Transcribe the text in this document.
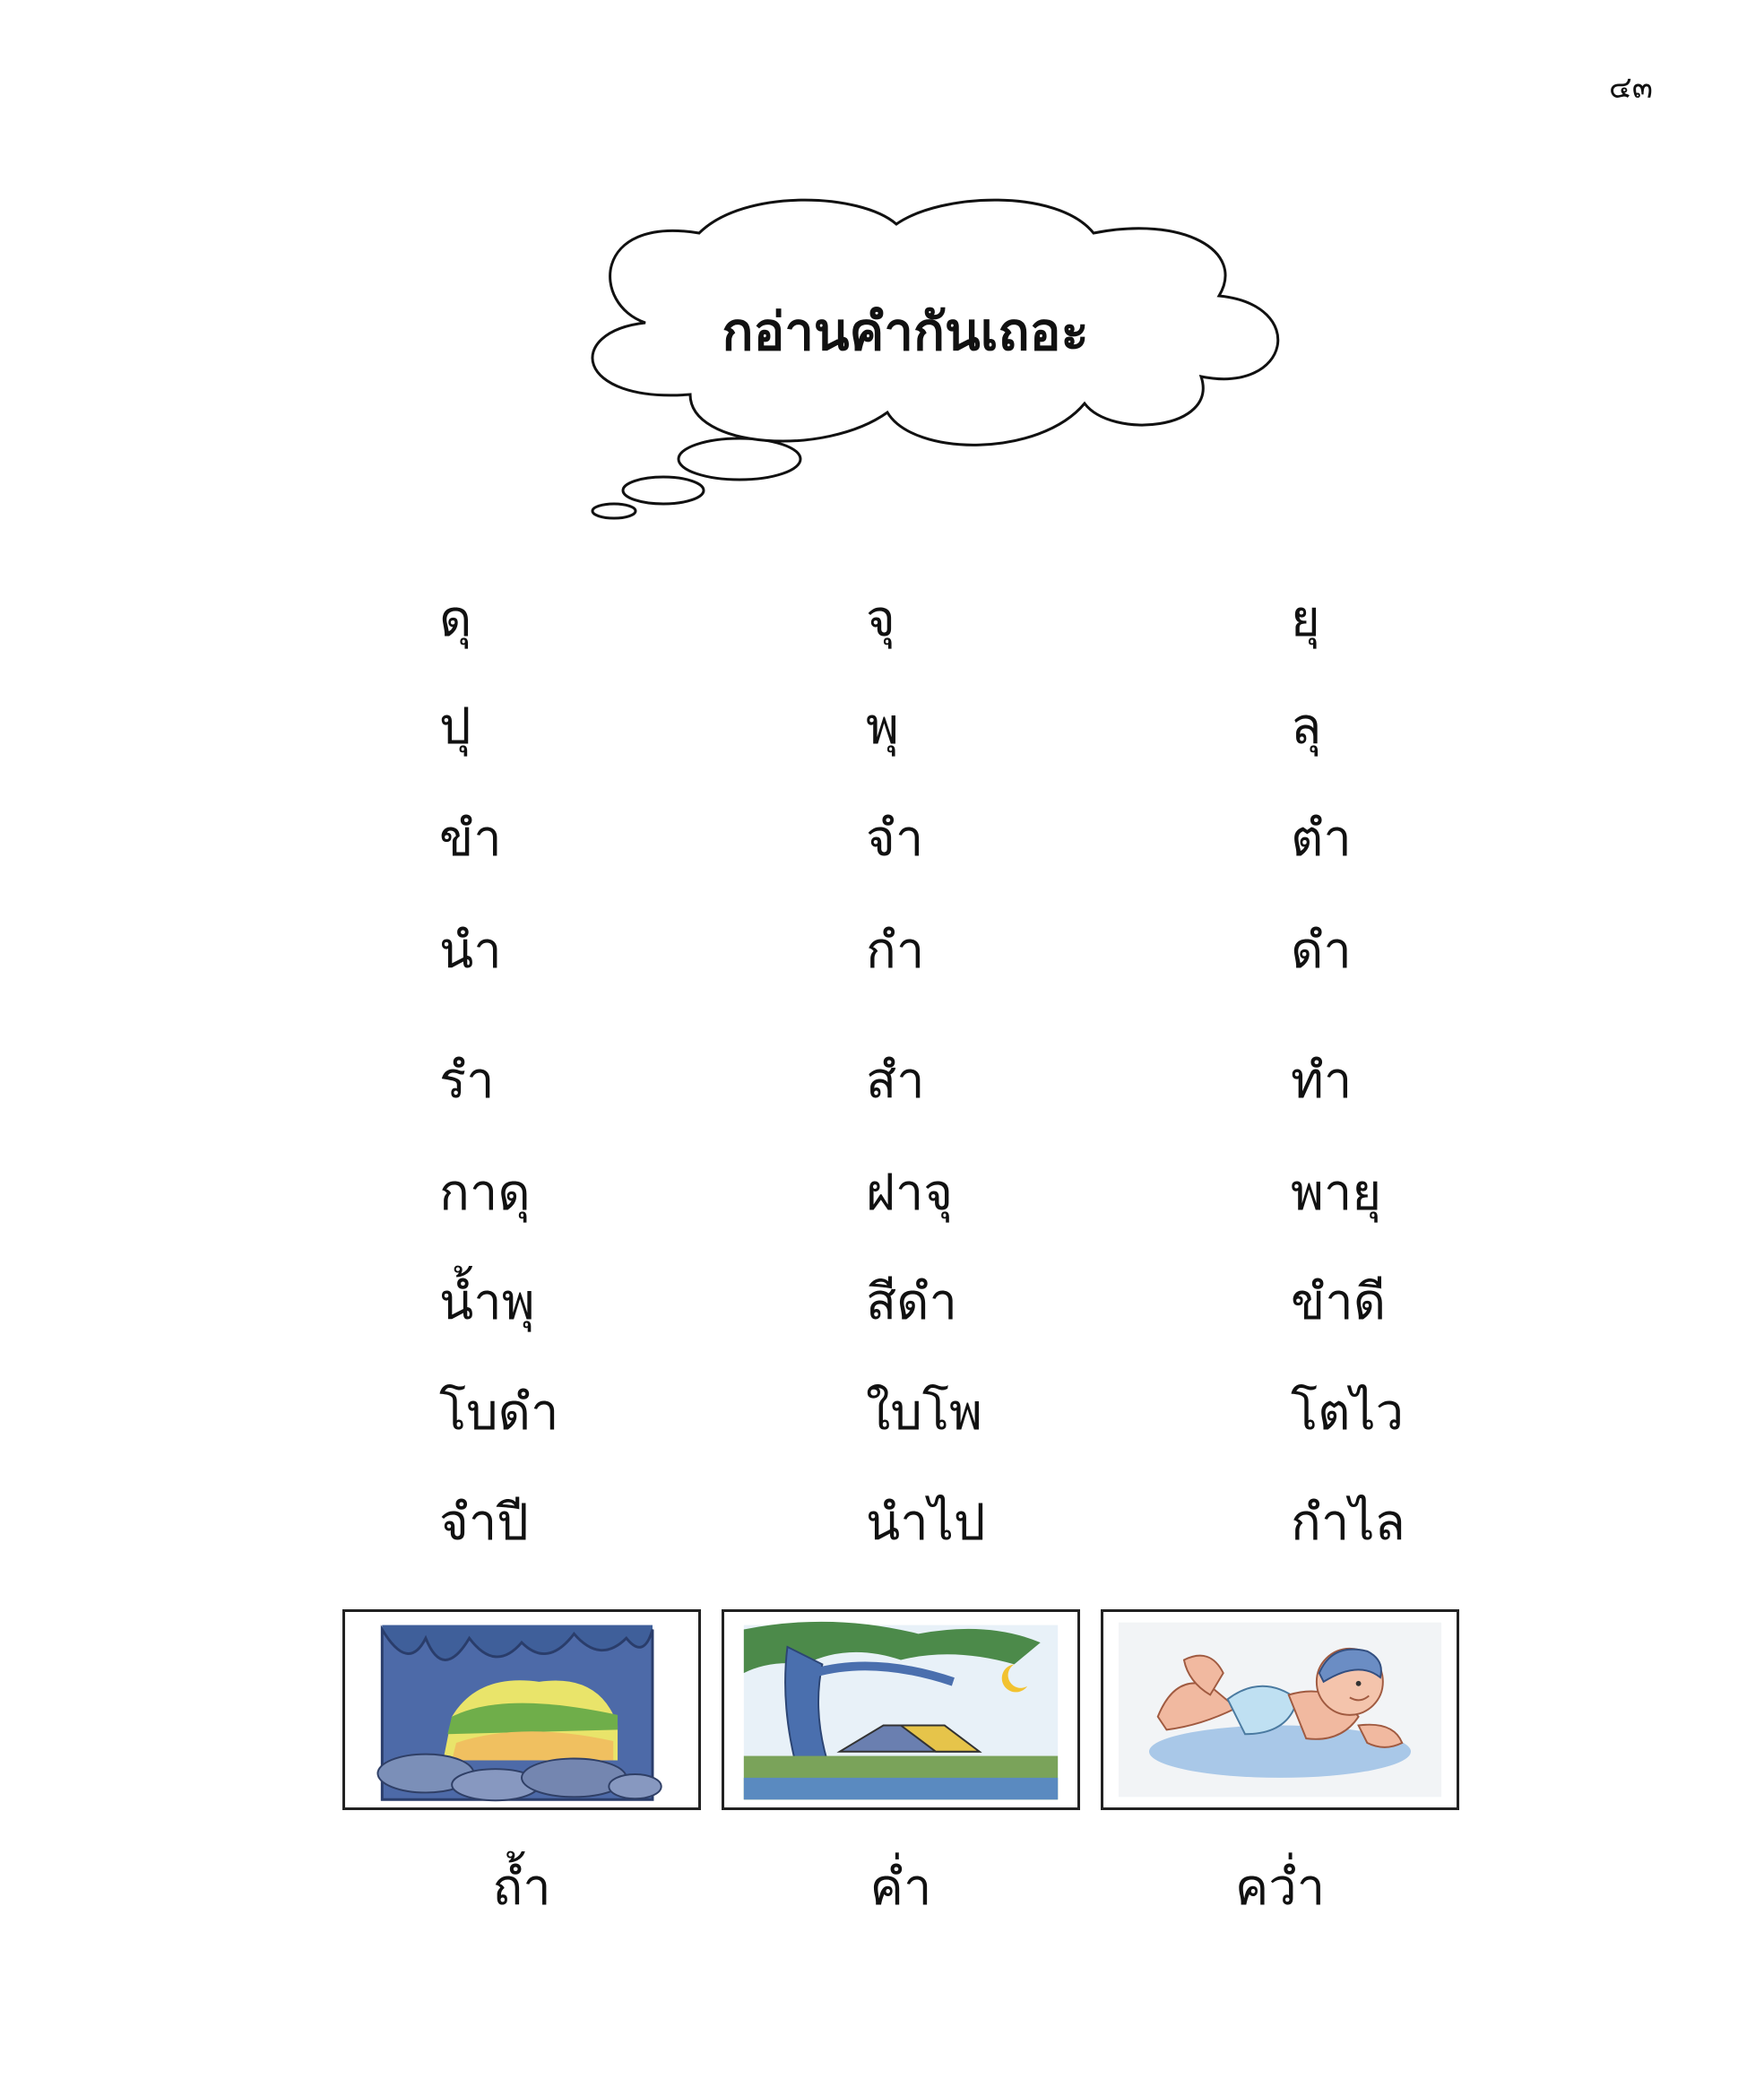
๔๓
กอ่านคำกันเถอะ
ดุ	จุ	ยุ
ปุ	พุ	ลุ
ขำ	จำ	ตำ
นำ	กำ	ดำ
รำ	สำ	ทำ
กาดุ	ฝาจุ	พายุ
น้ำพุ	สีดำ	ขำดี
โบดำ	ใบโพ	โตไว
จำปี	นำไป	กำไล
ถ้ำ	ค่ำ	คว่ำ
